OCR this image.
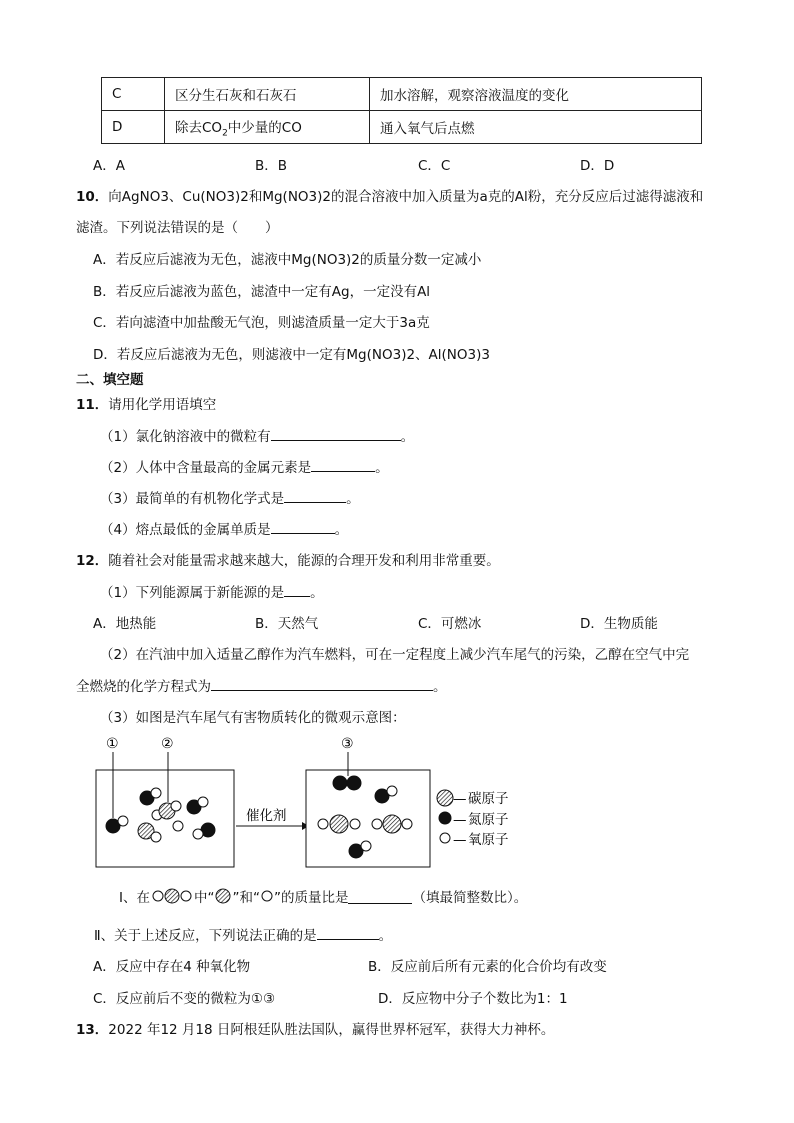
C	区分生石灰和石灰石	加水溶解，观察溶液温度的变化
D	除去$CO_2$中少量的CO	通入氧气后点燃
A．A	B．B	C．C	D．D
10．向AgNO3、Cu(NO3)2和Mg(NO3)2的混合溶液中加入质量为a克的Al粉，充分反应后过滤得滤液和
滤渣。下列说法错误的是（　　）
A．若反应后滤液为无色，滤液中Mg(NO3)2的质量分数一定减小
B．若反应后滤液为蓝色，滤渣中一定有Ag，一定没有Al
C．若向滤渣中加盐酸无气泡，则滤渣质量一定大于3a克
D．若反应后滤液为无色，则滤液中一定有Mg(NO3)2、Al(NO3)3
二、填空题
11．请用化学用语填空
（1）氯化钠溶液中的微粒有	。
（2）人体中含量最高的金属元素是	。
（3）最简单的有机物化学式是	。
（4）熔点最低的金属单质是	。
12．随着社会对能量需求越来越大，能源的合理开发和利用非常重要。
（1）下列能源属于新能源的是 。
A．地热能	B．天然气	C．可燃冰	D．生物质能
（2）在汽油中加入适量乙醇作为汽车燃料，可在一定程度上减少汽车尾气的污染，乙醇在空气中完
全燃烧的化学方程式为	。
（3）如图是汽车尾气有害物质转化的微观示意图：
①	②
催化剂
③
— 碳原子
— 氮原子
— 氧原子
Ⅰ、在	中“ ”和“ ”的质量比是	（填最简整数比）。
Ⅱ、关于上述反应，下列说法正确的是	。
A．反应中存在4 种氧化物	B．反应前后所有元素的化合价均有改变
C．反应前后不变的微粒为①③	D．反应物中分子个数比为1：1
13．2022 年12 月18 日阿根廷队胜法国队，赢得世界杯冠军，获得大力神杯。
